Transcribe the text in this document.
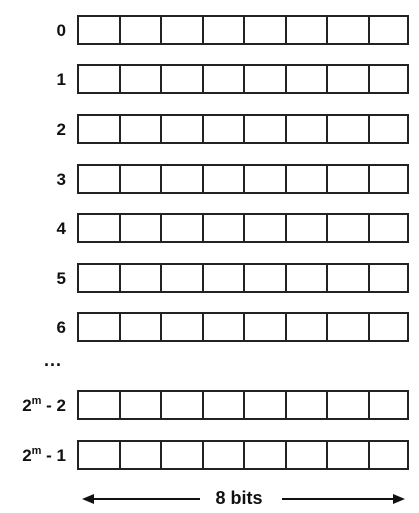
0
1
2
3
4
5
6
2$^m$ - 2
2$^m$ - 1
...
8 bits
